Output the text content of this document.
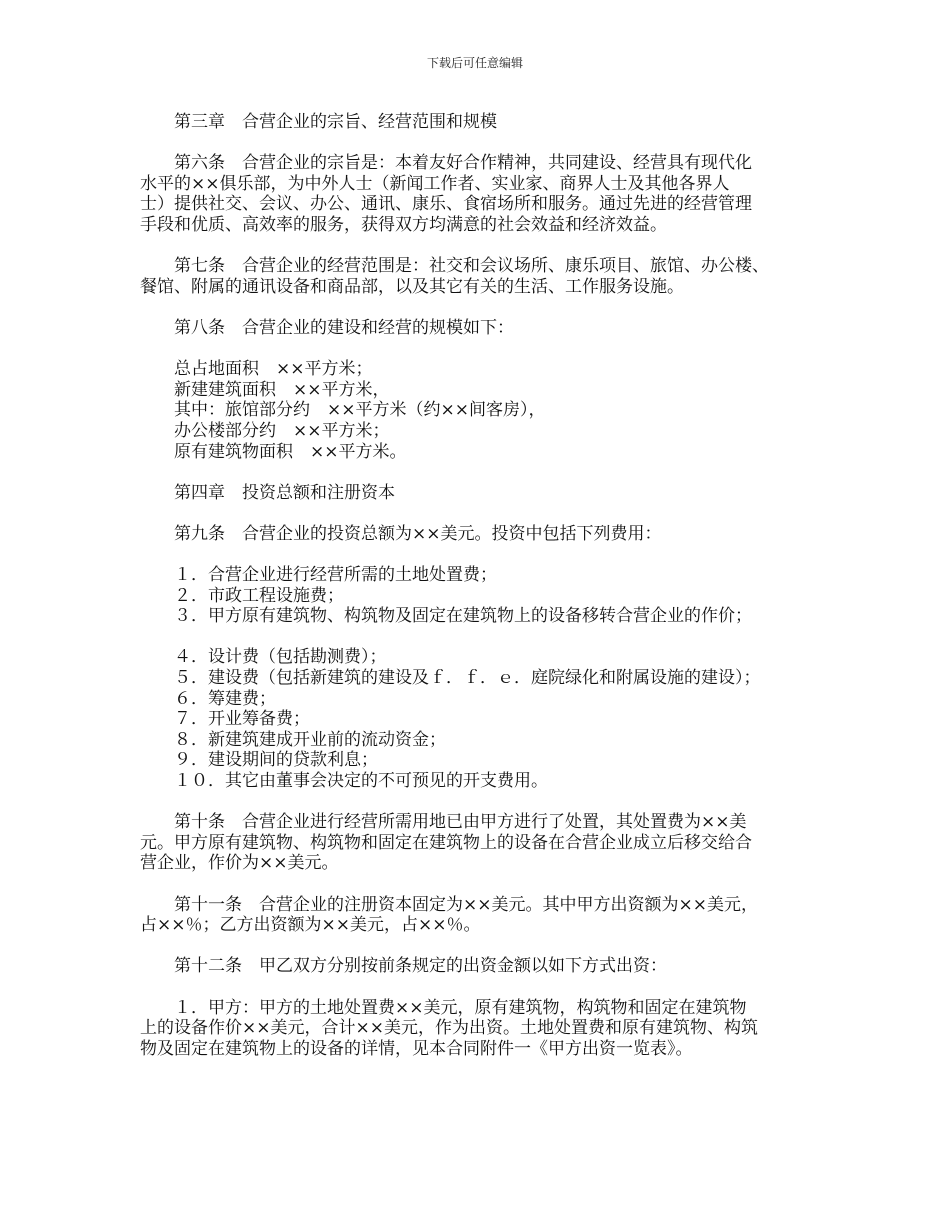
下载后可任意编辑
　　第三章　合营企业的宗旨、经营范围和规模
　　第六条　合营企业的宗旨是：本着友好合作精神，共同建设、经营具有现代化
水平的××俱乐部，为中外人士（新闻工作者、实业家、商界人士及其他各界人
士）提供社交、会议、办公、通讯、康乐、食宿场所和服务。通过先进的经营管理
手段和优质、高效率的服务，获得双方均满意的社会效益和经济效益。
　　第七条　合营企业的经营范围是：社交和会议场所、康乐项目、旅馆、办公楼、
餐馆、附属的通讯设备和商品部，以及其它有关的生活、工作服务设施。
　　第八条　合营企业的建设和经营的规模如下：
　　总占地面积　××平方米；
　　新建建筑面积　××平方米，
　　其中：旅馆部分约　××平方米（约××间客房），
　　办公楼部分约　××平方米；
　　原有建筑物面积　××平方米。
　　第四章　投资总额和注册资本
　　第九条　合营企业的投资总额为××美元。投资中包括下列费用：
　　１．合营企业进行经营所需的土地处置费；
　　２．市政工程设施费；
　　３．甲方原有建筑物、构筑物及固定在建筑物上的设备移转合营企业的作价；
　　４．设计费（包括勘测费）；
　　５．建设费（包括新建筑的建设及ｆ．ｆ．ｅ．庭院绿化和附属设施的建设）；
　　６．筹建费；
　　７．开业筹备费；
　　８．新建筑建成开业前的流动资金；
　　９．建设期间的贷款利息；
　　１０．其它由董事会决定的不可预见的开支费用。
　　第十条　合营企业进行经营所需用地已由甲方进行了处置，其处置费为××美
元。甲方原有建筑物、构筑物和固定在建筑物上的设备在合营企业成立后移交给合
营企业，作价为××美元。
　　第十一条　合营企业的注册资本固定为××美元。其中甲方出资额为××美元，
占××％；乙方出资额为××美元，占××％。
　　第十二条　甲乙双方分别按前条规定的出资金额以如下方式出资：
　　１．甲方：甲方的土地处置费××美元，原有建筑物，构筑物和固定在建筑物
上的设备作价××美元，合计××美元，作为出资。土地处置费和原有建筑物、构筑
物及固定在建筑物上的设备的详情，见本合同附件一《甲方出资一览表》。
